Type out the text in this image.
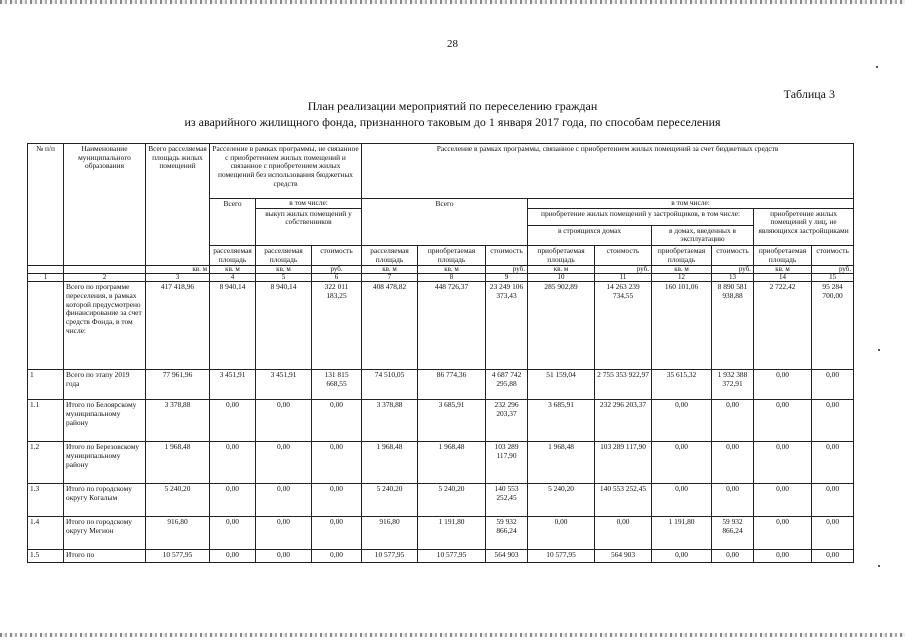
28
Таблица 3
План реализации мероприятий по переселению граждан
из аварийного жилищного фонда, признанного таковым до 1 января 2017 года, по способам переселения
№ п/п	Наименование муниципального образования	Всего расселяемая площадь жилых помещений	Расселение в рамках программы, не связанное с приобретением жилых помещений и связанное с приобретением жилых помещений без использования бюджетных средств			Расселение в рамках программы, связанное с приобретением жилых помещений за счет бюджетных средств								
			Всего	в том числе:		Всего			в том числе:					
				выкуп жилых помещений у собственников					приобретение жилых помещений у застройщиков, в том числе:				приобретение жилых помещений у лиц, не являющихся застройщиками	
									в строящихся домах		в домах, введенных в эксплуатацию			
			расселяемая площадь	расселяемая площадь	стоимость	расселяемая площадь	приобретаемая площадь	стоимость	приобретаемая площадь	стоимость	приобретаемая площадь	стоимость	приобретаемая площадь	стоимость
		кв. м	кв. м	кв. м	руб.	кв. м	кв. м	руб.	кв. м	руб.	кв. м	руб.	кв. м	руб.
1	2	3	4	5	6	7	8	9	10	11	12	13	14	15
	Всего по программе переселения, в рамках которой предусмотрено финансирование за счет средств Фонда, в том числе:	417 418,96	8 940,14	8 940,14	322 011 183,25	408 478,82	448 726,37	23 249 106 373,43	285 902,89	14 263 239 734,55	160 101,06	8 890 581 938,88	2 722,42	95 284 700,00
1	Всего по этапу 2019 года	77 961,96	3 451,91	3 451,91	131 815 668,55	74 510,05	86 774,36	4 687 742 295,88	51 159,04	2 755 353 922,97	35 615,32	1 932 388 372,91	0,00	0,00
1.1	Итого по Белоярскому муниципальному району	3 378,88	0,00	0,00	0,00	3 378,88	3 685,91	232 296 203,37	3 685,91	232 296 203,37	0,00	0,00	0,00	0,00
1.2	Итого по Березовскому муниципальному району	1 968,48	0,00	0,00	0,00	1 968,48	1 968,48	103 289 117,90	1 968,48	103 289 117,90	0,00	0,00	0,00	0,00
1.3	Итого по городскому округу Когалым	5 240,20	0,00	0,00	0,00	5 240,20	5 240,20	140 553 252,45	5 240,20	140 553 252,45	0,00	0,00	0,00	0,00
1.4	Итого по городскому округу Мегион	916,80	0,00	0,00	0,00	916,80	1 191,80	59 932 866,24	0,00	0,00	1 191,80	59 932 866,24	0,00	0,00
1.5	Итого по	10 577,95	0,00	0,00	0,00	10 577,95	10 577,95	564 903	10 577,95	564 903	0,00	0,00	0,00	0,00
